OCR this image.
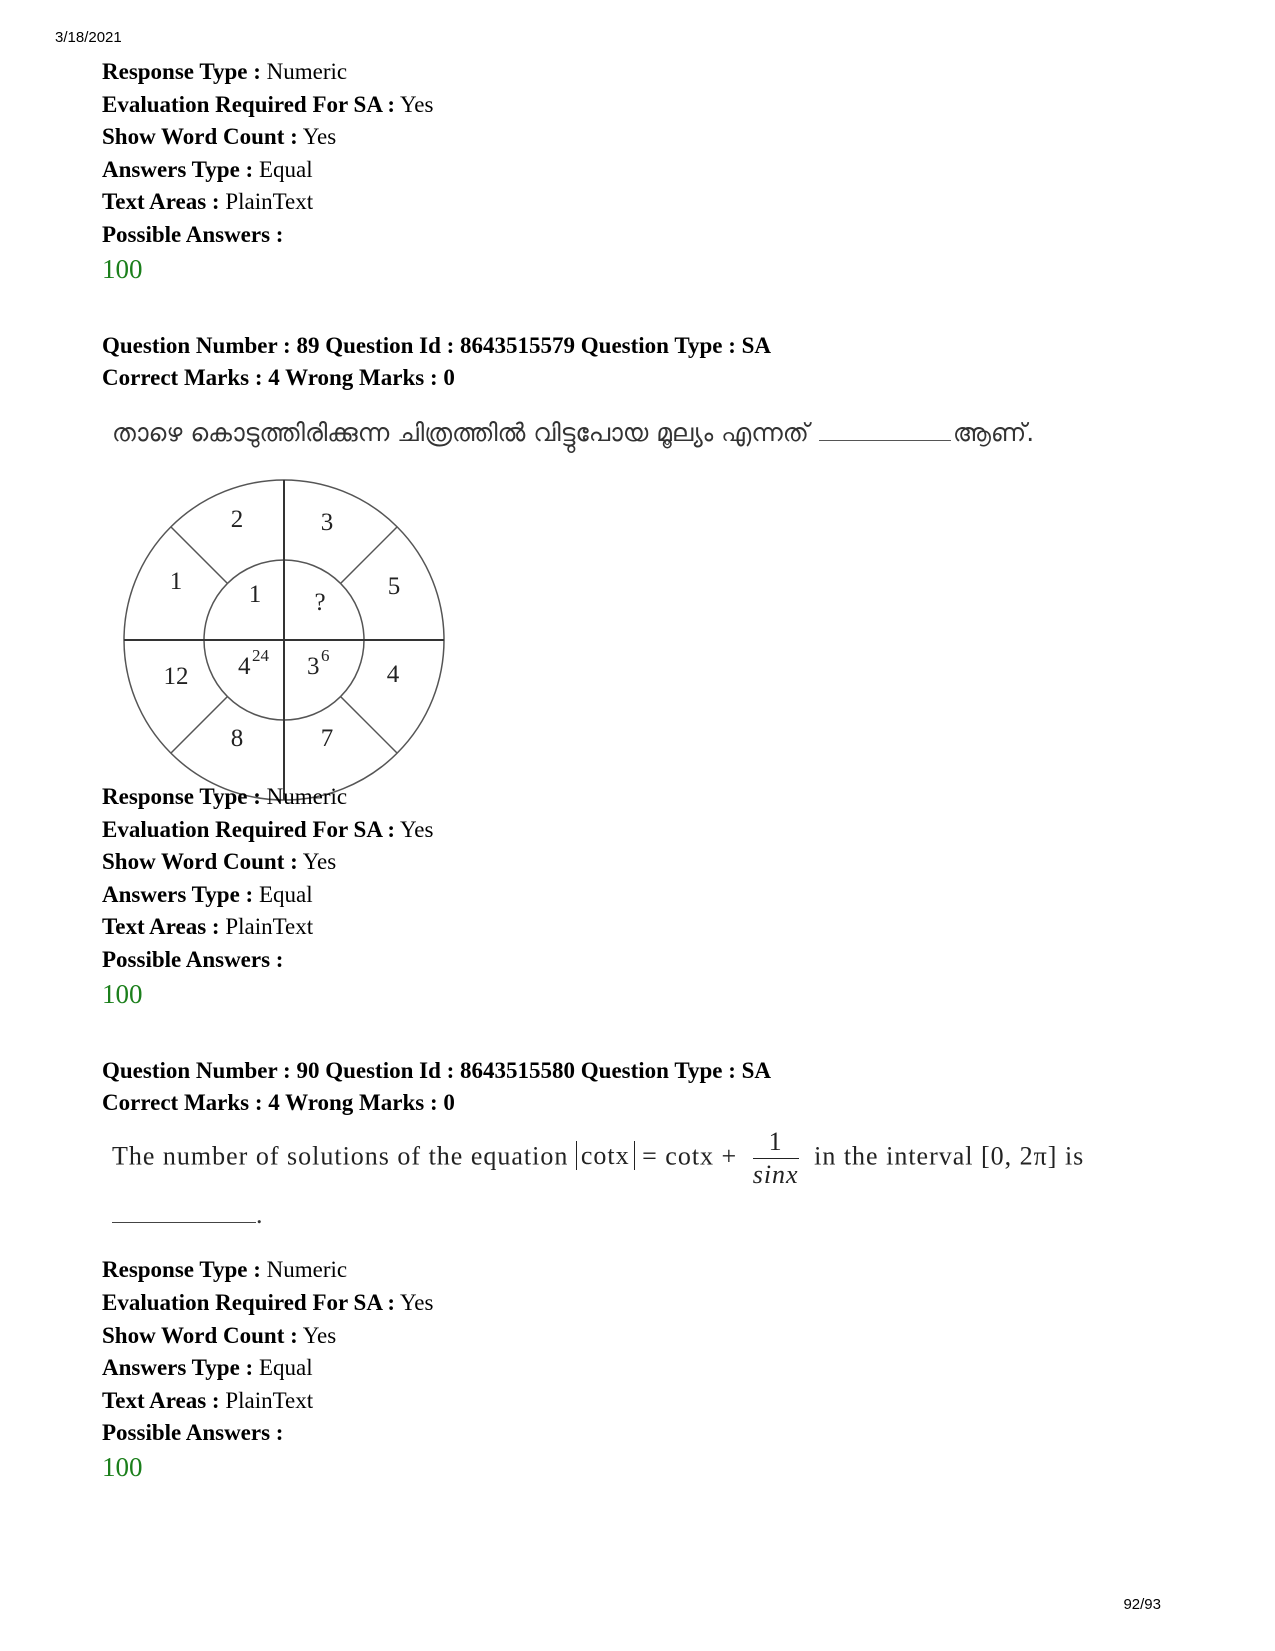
3/18/2021
Response Type : Numeric
Evaluation Required For SA : Yes
Show Word Count : Yes
Answers Type : Equal
Text Areas : PlainText
Possible Answers :
100
Question Number : 89 Question Id : 8643515579 Question Type : SA
Correct Marks : 4 Wrong Marks : 0
താഴെ കൊടുത്തിരിക്കുന്ന ചിത്രത്തിൽ വിട്ടുപോയ മൂല്യം എന്നത്	ആണ്.
2	3
5
4
7
8
12
1	1 ?
4 24 3 6
Response Type : Numeric
Evaluation Required For SA : Yes
Show Word Count : Yes
Answers Type : Equal
Text Areas : PlainText
Possible Answers :
100
Question Number : 90 Question Id : 8643515580 Question Type : SA
Correct Marks : 4 Wrong Marks : 0
The number of solutions of the equation $\cot x = \cot x + \frac{1}{\sin x}$ in the interval [0, 2π] is
.
Response Type : Numeric
Evaluation Required For SA : Yes
Show Word Count : Yes
Answers Type : Equal
Text Areas : PlainText
Possible Answers :
100
92/93
